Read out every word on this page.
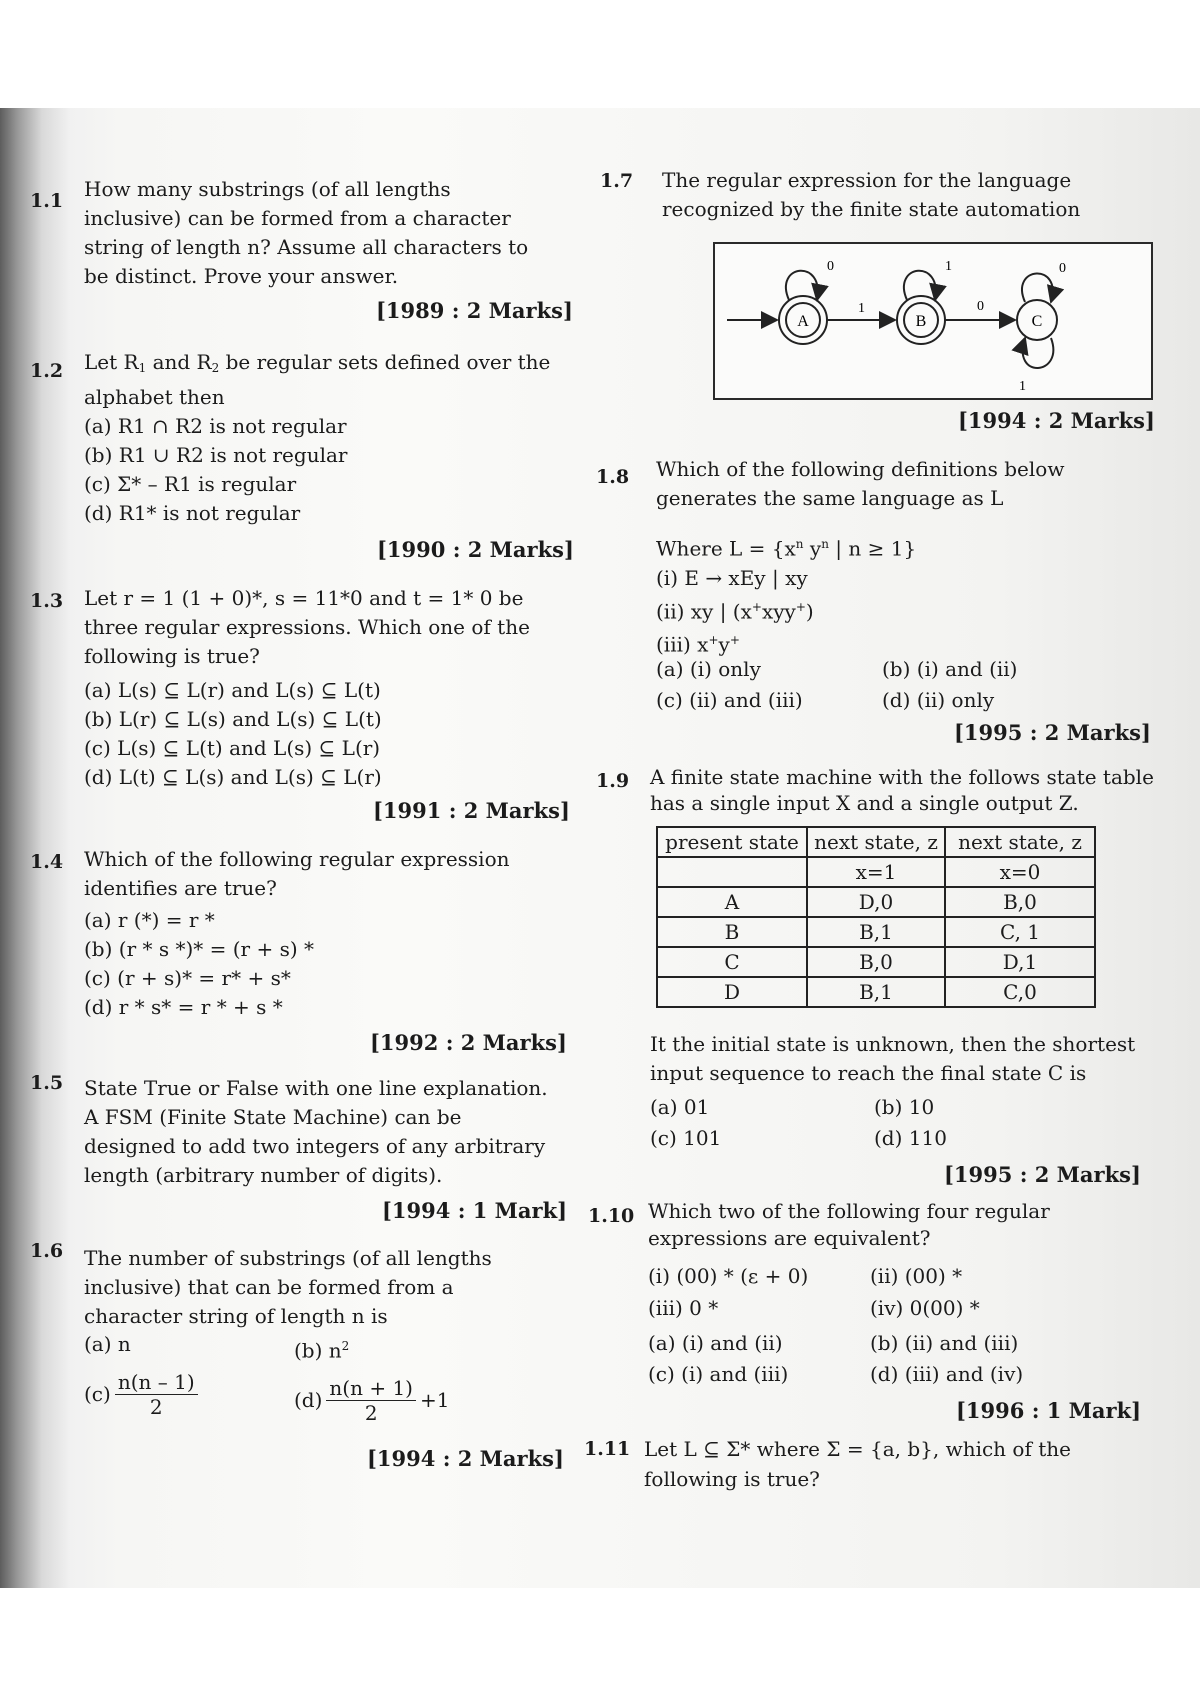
1.1 How many substrings (of all lengths inclusive) can be formed from a character string of length n? Assume all characters to be distinct. Prove your answer.
[1989 : 2 Marks]
1.2 Let $R_1$ and $R_2$ be regular sets defined over the alphabet then
(a) R1 ∩ R2 is not regular
(b) R1 ∪ R2 is not regular
(c) Σ* – R1 is regular
(d) R1* is not regular
[1990 : 2 Marks]
1.3 Let r = 1 (1 + 0)*, s = 11*0 and t = 1* 0 be three regular expressions. Which one of the following is true?
(a) L(s) ⊆ L(r) and L(s) ⊆ L(t)
(b) L(r) ⊆ L(s) and L(s) ⊆ L(t)
(c) L(s) ⊆ L(t) and L(s) ⊆ L(r)
(d) L(t) ⊆ L(s) and L(s) ⊆ L(r)
[1991 : 2 Marks]
1.4 Which of the following regular expression identifies are true?
(a) r (*) = r *
(b) (r * s *)* = (r + s) *
(c) (r + s)* = r* + s*
(d) r * s* = r * + s *
[1992 : 2 Marks]
1.5 State True or False with one line explanation. A FSM (Finite State Machine) can be designed to add two integers of any arbitrary length (arbitrary number of digits).
[1994 : 1 Mark]
1.6 The number of substrings (of all lengths inclusive) that can be formed from a character string of length n is
(a) n	(b) $n^2$
$(c) \frac{n(n - 1)}{2}$	$(d) \frac{n(n + 1)}{2} +1$
[1994 : 2 Marks]
1.7 The regular expression for the language recognized by the finite state automation
A
0
1
B
1
0
C
0
1
[1994 : 2 Marks]
1.8 Which of the following definitions below generates the same language as L
Where $L = \{x^n$ $y^n$ | n ≥ 1}
(i) E → xEy | xy
(ii) xy | (x+xyy+)
(iii) x+y+
(a) (i) only	(b) (i) and (ii)
(c) (ii) and (iii)	(d) (ii) only
[1995 : 2 Marks]
1.9 A finite state machine with the follows state table has a single input X and a single output Z.
present state	next state, z	next state, z
	x=1	x=0
A	D,0	B,0
B	B,1	C, 1
C	B,0	D,1
D	B,1	C,0
It the initial state is unknown, then the shortest input sequence to reach the final state C is
(a) 01	(b) 10
(c) 101	(d) 110
[1995 : 2 Marks]
1.10 Which two of the following four regular expressions are equivalent?
(i) (00) * (ε + 0)	(ii) (00) *
(iii) 0 *	(iv) 0(00) *
(a) (i) and (ii)	(b) (ii) and (iii)
(c) (i) and (iii)	(d) (iii) and (iv)
[1996 : 1 Mark]
1.11 Let L ⊆ Σ* where Σ = {a, b}, which of the following is true?
